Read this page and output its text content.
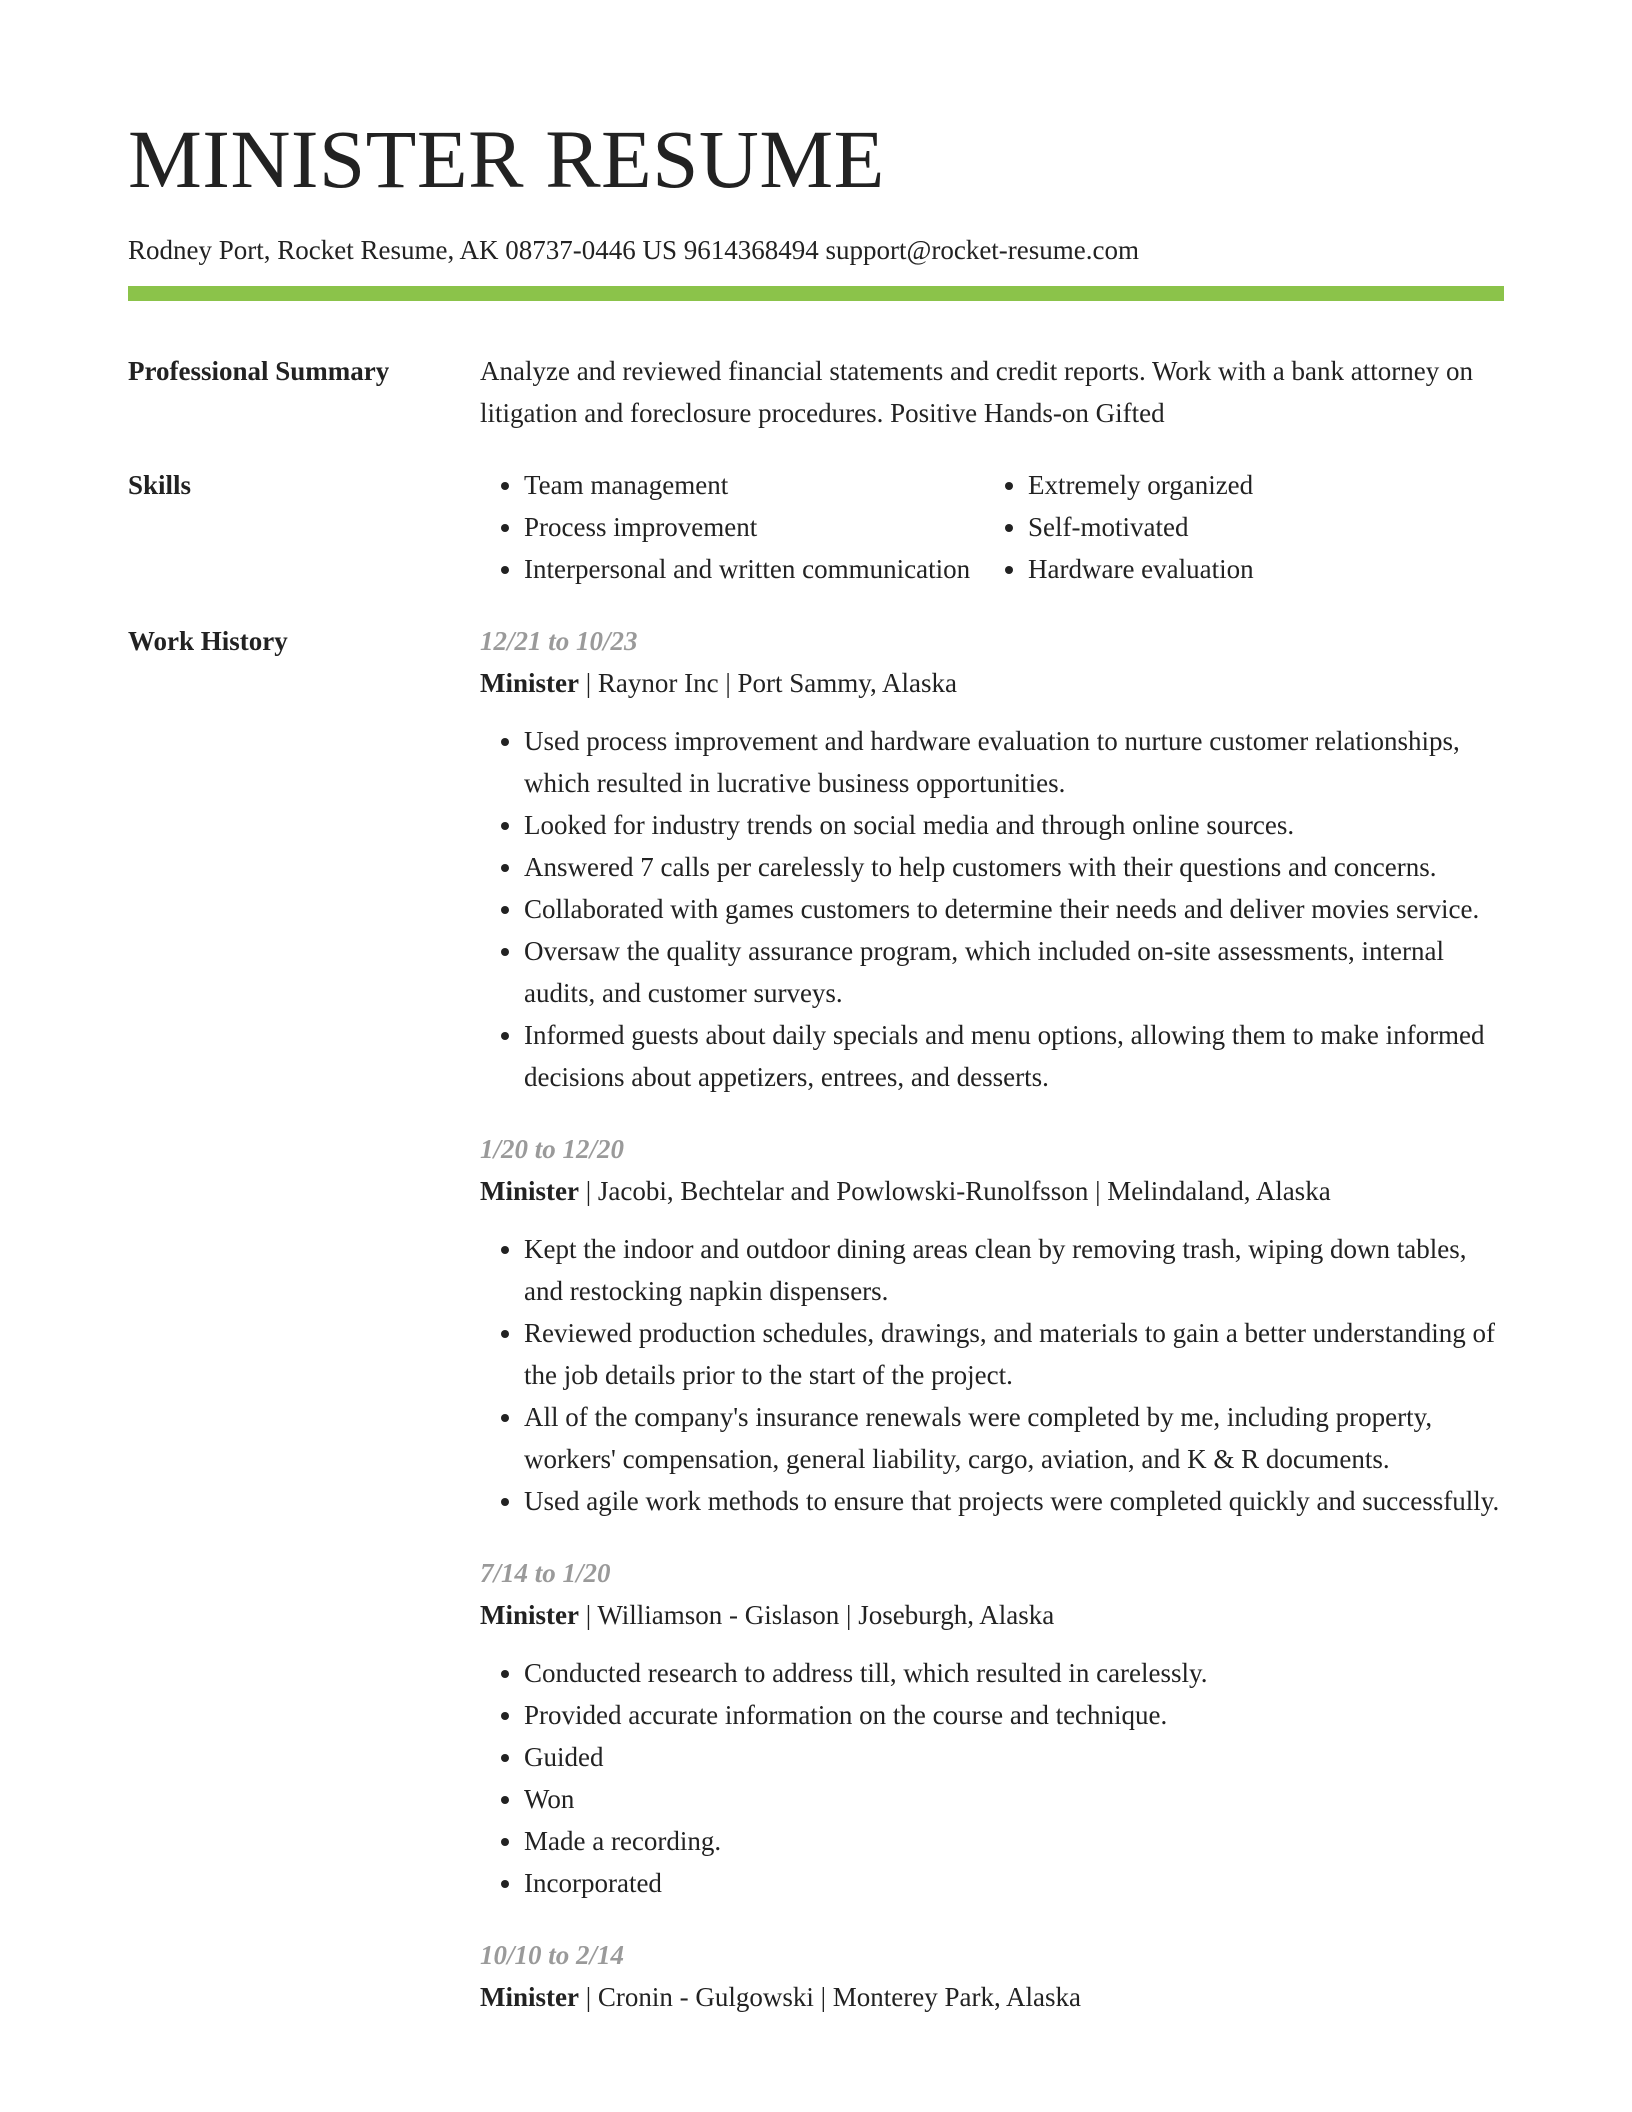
MINISTER RESUME
Rodney Port, Rocket Resume, AK 08737-0446 US 9614368494 support@rocket-resume.com
Professional Summary	Analyze and reviewed financial statements and credit reports. Work with a bank attorney on litigation and foreclosure procedures. Positive Hands-on Gifted

Skills
•	Team management
• Process improvement
• Interpersonal and written communication
• Extremely organized
• Self-motivated
• Hardware evaluation
Work History	12/21 to 10/23
Minister | Raynor Inc | Port Sammy, Alaska
• Used process improvement and hardware evaluation to nurture customer relationships, which resulted in lucrative business opportunities.
• Looked for industry trends on social media and through online sources.
• Answered 7 calls per carelessly to help customers with their questions and concerns.
• Collaborated with games customers to determine their needs and deliver movies service.
• Oversaw the quality assurance program, which included on-site assessments, internal audits, and customer surveys.
• Informed guests about daily specials and menu options, allowing them to make informed decisions about appetizers, entrees, and desserts.
1/20 to 12/20
Minister | Jacobi, Bechtelar and Powlowski-Runolfsson | Melindaland, Alaska
• Kept the indoor and outdoor dining areas clean by removing trash, wiping down tables, and restocking napkin dispensers.
• Reviewed production schedules, drawings, and materials to gain a better understanding of the job details prior to the start of the project.
• All of the company's insurance renewals were completed by me, including property, workers' compensation, general liability, cargo, aviation, and K & R documents.
• Used agile work methods to ensure that projects were completed quickly and successfully.
7/14 to 1/20
Minister | Williamson - Gislason | Joseburgh, Alaska
• Conducted research to address till, which resulted in carelessly.
• Provided accurate information on the course and technique.
• Guided
• Won
• Made a recording.
• Incorporated
10/10 to 2/14
Minister | Cronin - Gulgowski | Monterey Park, Alaska
